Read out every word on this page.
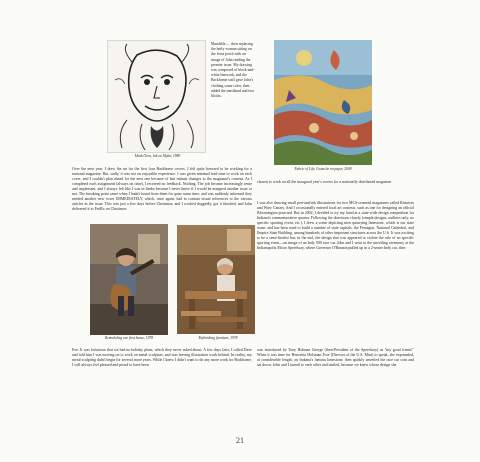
Mask Oven, Ink on Mylar, 1980
Mandible…, then replacing the hefty woman sitting on the front porch with an image of John reading the premier issue. My drawing was composed of black-and-white linework, and the Backhome staff gave John's clothing some color, then added the masthead and text blocks.
Fabric of Life, Gouache on paper, 2009
Over the next year, I drew the art for the first four Backhome covers. I felt quite honored to be working for a national magazine. But, sadly, it was not an enjoyable experience. I was given minimal lead time to work on each cover, and I couldn't plan ahead for the next one because of late minute changes to the magazine's content. As I completed each assignment (always on time), I received no feedback. Nothing. The job became increasingly tense and unpleasant, and I always felt like I was in limbo because I never knew if I would be assigned another issue or not. The breaking point came when I hadn't heard from them for quite some time, and was suddenly informed they needed another new cover IMMEDIATELY, which, once again, had to contain visual references to the various articles in the issue. This was just a few days before Christmas, and I worked doggedly, got it finished, and John delivered it to FedEx on Christmas
chosen to work on all the inaugural year's covers for a nationally distributed magazine.
Remodeling our first house, 1978	Refinishing furniture, 1978
I was also drawing small pen-and-ink illustrations for two MCS-oriented magazines called Rimrises and Wary Canary. And I occasionally entered local art contests, such as one for designing an official Bloomington postcard. But in 2002, I decided to try my hand at a state-wide design competition for Indiana's commemorative quarter. Following the directions closely (simple designs, outlines only, no specific sporting event, etc.), I drew a scene depicting men quarrying limestone, which is our state stone, and has been used to build a number of state capitals, the Pentagon, National Cathedral, and Empire State Building, among hundreds of other important structures across the U.S. It was exciting to be a semi-finalist but, in the end, the design that was appeared to violate the rule of no specific sporting event—an image of an Indy 500 race car. John and I went to the unveiling ceremony at the Indianapolis Motor Speedway, where Governor O'Bannon pulled up in a 2-seater Indy car, then
Eve. It was fortuitous that we had no holiday plans, which they never asked about. A few days later, I called Dave and told him I was moving on to work on metal sculpture, and was leaving illustration work behind. In reality, my metal sculpting didn't begin for several more years. While I knew I didn't want to do any more work for Backhome, I will always feel pleased and proud to have been
was introduced by Tony Hulman George (then-President of the Speedway) as "my good friend." When it was time for Henrietta Holsman Fore (Director of the U.S. Mint) to speak, she expounded, at considerable length, on Indiana's famous limestone, then quickly unveiled the race car coin and sat down. John and I turned to each other and smiled, because we knew whose design she
21
